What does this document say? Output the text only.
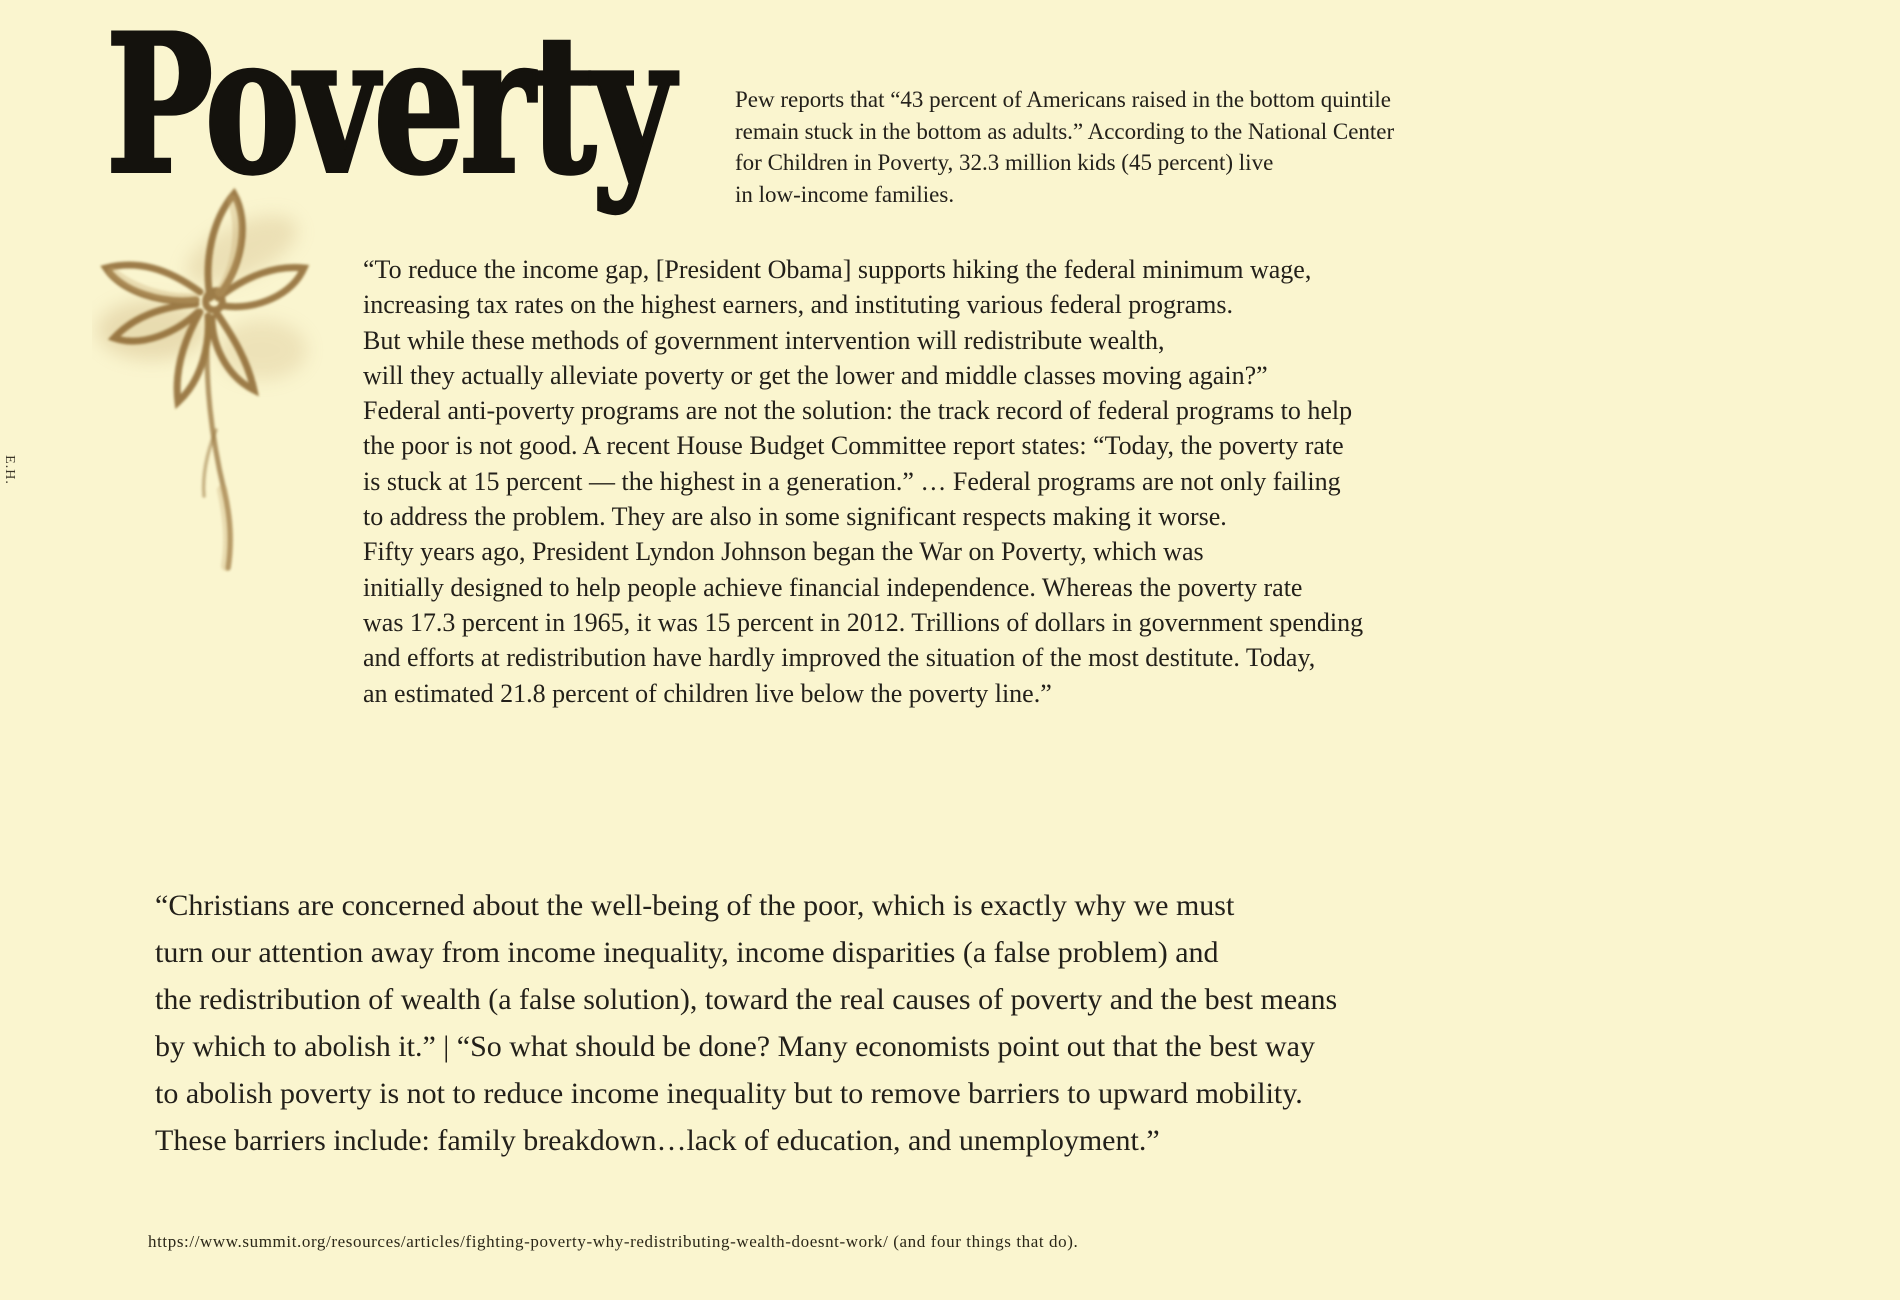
Poverty
E.H.
Pew reports that “43 percent of Americans raised in the bottom quintile
remain stuck in the bottom as adults.” According to the National Center
for Children in Poverty, 32.3 million kids (45 percent) live
in low-income families.
“To reduce the income gap, [President Obama] supports hiking the federal minimum wage,
increasing tax rates on the highest earners, and instituting various federal programs.
But while these methods of government intervention will redistribute wealth,
will they actually alleviate poverty or get the lower and middle classes moving again?”
Federal anti-poverty programs are not the solution: the track record of federal programs to help
the poor is not good. A recent House Budget Committee report states: “Today, the poverty rate
is stuck at 15 percent — the highest in a generation.” … Federal programs are not only failing
to address the problem. They are also in some significant respects making it worse.
Fifty years ago, President Lyndon Johnson began the War on Poverty, which was
initially designed to help people achieve financial independence. Whereas the poverty rate
was 17.3 percent in 1965, it was 15 percent in 2012. Trillions of dollars in government spending
and efforts at redistribution have hardly improved the situation of the most destitute. Today,
an estimated 21.8 percent of children live below the poverty line.”
“Christians are concerned about the well-being of the poor, which is exactly why we must
turn our attention away from income inequality, income disparities (a false problem) and
the redistribution of wealth (a false solution), toward the real causes of poverty and the best means
by which to abolish it.” | “So what should be done? Many economists point out that the best way
to abolish poverty is not to reduce income inequality but to remove barriers to upward mobility.
These barriers include: family breakdown…lack of education, and unemployment.”
https://www.summit.org/resources/articles/fighting-poverty-why-redistributing-wealth-doesnt-work/ (and four things that do).
